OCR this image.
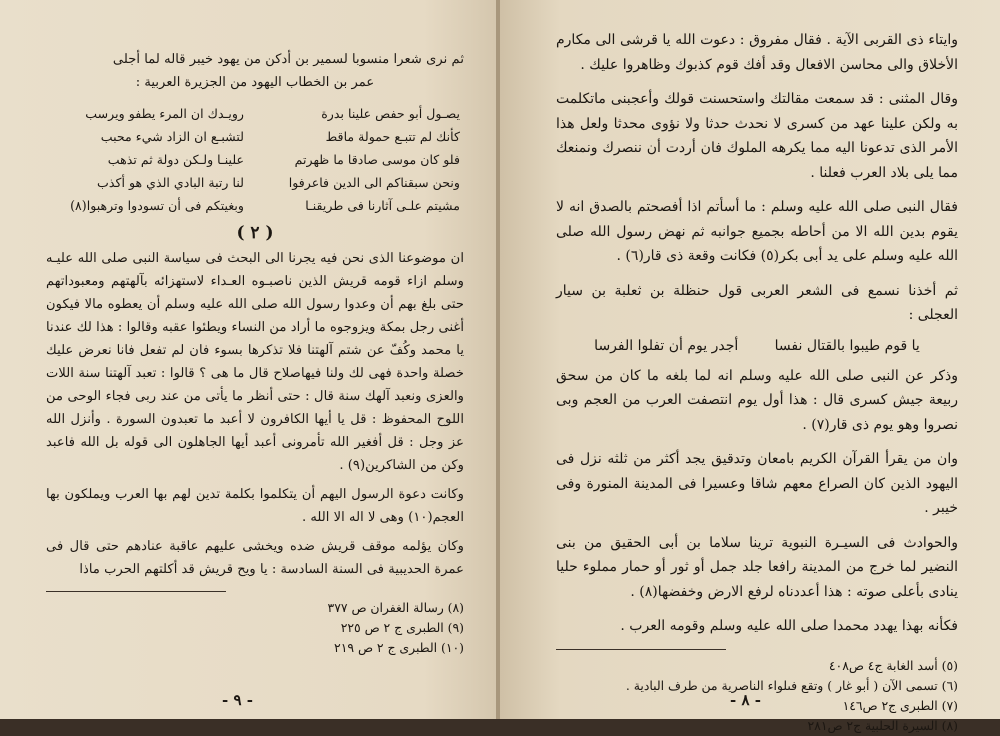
ثم نرى شعرا منسوبا لسمير بن أدكن من يهود خيبر قاله لما أجلى

عمر بن الخطاب اليهود من الجزيرة العربية :

يصـول أبو حفص علينا بدرة
رويـدك ان المرء يطفو ويرسب
كأنك لم تتبـع حمولة ماقط
لتشبـع ان الزاد شيء محبب
فلو كان موسى صادقا ما ظهرتم
علينـا ولـكن دولة ثم تذهب
ونحن سبقناكم الى الدين فاعرفوا
لنا رتبة البادي الذي هو أكذب
مشيتم علـى آثارنا فى طريقنـا
وبغيتكم فى أن تسودوا وترهبوا(٨)
( ٢ )

ان موضوعنا الذى نحن فيه يجرنا الى البحث فى سياسة النبى صلى الله عليـه وسلم ازاء قومه قريش الذين ناصبـوه العـداء لاستهزائه بآلهتهم ومعبوداتهم حتى بلغ بهم أن وعدوا رسول الله صلى الله عليه وسلم أن يعطوه مالا فيكون أغنى رجل بمكة ويزوجوه ما أراد من النساء ويطئوا عقبه وقالوا : هذا لك عندنا يا محمد وكُفّ عن شتم آلهتنا فلا تذكرها بسوء فان لم تفعل فانا نعرض عليك خصلة واحدة فهى لك ولنا فيهاصلاح قال ما هى ؟ قالوا : تعبد آلهتنا سنة اللات والعزى ونعبد آلهك سنة قال : حتى أنظر ما يأتى من عند ربى فجاء الوحى من اللوح المحفوظ : قل يا أيها الكافرون لا أعبد ما تعبدون السورة . وأنزل الله عز وجل : قل أفغير الله تأمرونى أعبد أيها الجاهلون الى قوله بل الله فاعبد وكن من الشاكرين(٩) .

وكانت دعوة الرسول اليهم أن يتكلموا بكلمة تدين لهم بها العرب ويملكون بها العجم(١٠) وهى لا اله الا الله .

وكان يؤلمه موقف قريش ضده ويخشى عليهم عاقبة عنادهم حتى قال فى عمرة الحديبية فى السنة السادسة : يا ويح قريش قد أكلتهم الحرب ماذا

(٨) رسالة الغفران ص ٣٧٧

(٩) الطبرى ج ٢ ص ٢٢٥

(١٠) الطبرى ج ٢ ص ٢١٩

- ٩ -

وايتاء ذى القربى الآية . فقال مفروق : دعوت الله يا قرشى الى مكارم الأخلاق والى محاسن الافعال وقد أفك قوم كذبوك وظاهروا عليك .

وقال المثنى : قد سمعت مقالتك واستحسنت قولك وأعجبنى ماتكلمت به ولكن علينا عهد من كسرى لا نحدث حدثا ولا نؤوى محدثا ولعل هذا الأمر الذى تدعونا اليه مما يكرهه الملوك فان أردت أن ننصرك ونمنعك مما يلى بلاد العرب فعلنا .

فقال النبى صلى الله عليه وسلم : ما أسأتم اذا أفصحتم بالصدق انه لا يقوم بدين الله الا من أحاطه بجميع جوانبه ثم نهض رسول الله صلى الله عليه وسلم على يد أبى بكر(٥) فكانت وقعة ذى قار(٦) .

ثم أخذنا نسمع فى الشعر العربى قول حنظلة بن ثعلبة بن سيار العجلى :

يا قوم طيبوا بالقتال نفسا
أجدر يوم أن تفلوا الفرسا

وذكر عن النبى صلى الله عليه وسلم انه لما بلغه ما كان من سحق ربيعة جيش كسرى قال : هذا أول يوم انتصفت العرب من العجم وبى نصروا وهو يوم ذى قار(٧) .

وان من يقرأ القرآن الكريم بامعان وتدقيق يجد أكثر من ثلثه نزل فى اليهود الذين كان الصراع معهم شاقا وعسيرا فى المدينة المنورة وفى خيبر .

والحوادث فى السيـرة النبوية ترينا سلاما بن أبى الحقيق من بنى النضير لما خرج من المدينة رافعا جلد جمل أو ثور أو حمار مملوء حليا ينادى بأعلى صوته : هذا أعددناه لرفع الارض وخفضها(٨) .

فكأنه بهذا يهدد محمدا صلى الله عليه وسلم وقومه العرب .

(٥) أسد الغابة ج٤ ص٤٠٨

(٦) تسمى الآن ( أبو غار ) وتقع فىلواء الناصرية من طرف البادية .

(٧) الطبرى ج٢ ص١٤٦

(٨) السيرة الحلبية ج٢ ص٢٨١

- ٨ -
